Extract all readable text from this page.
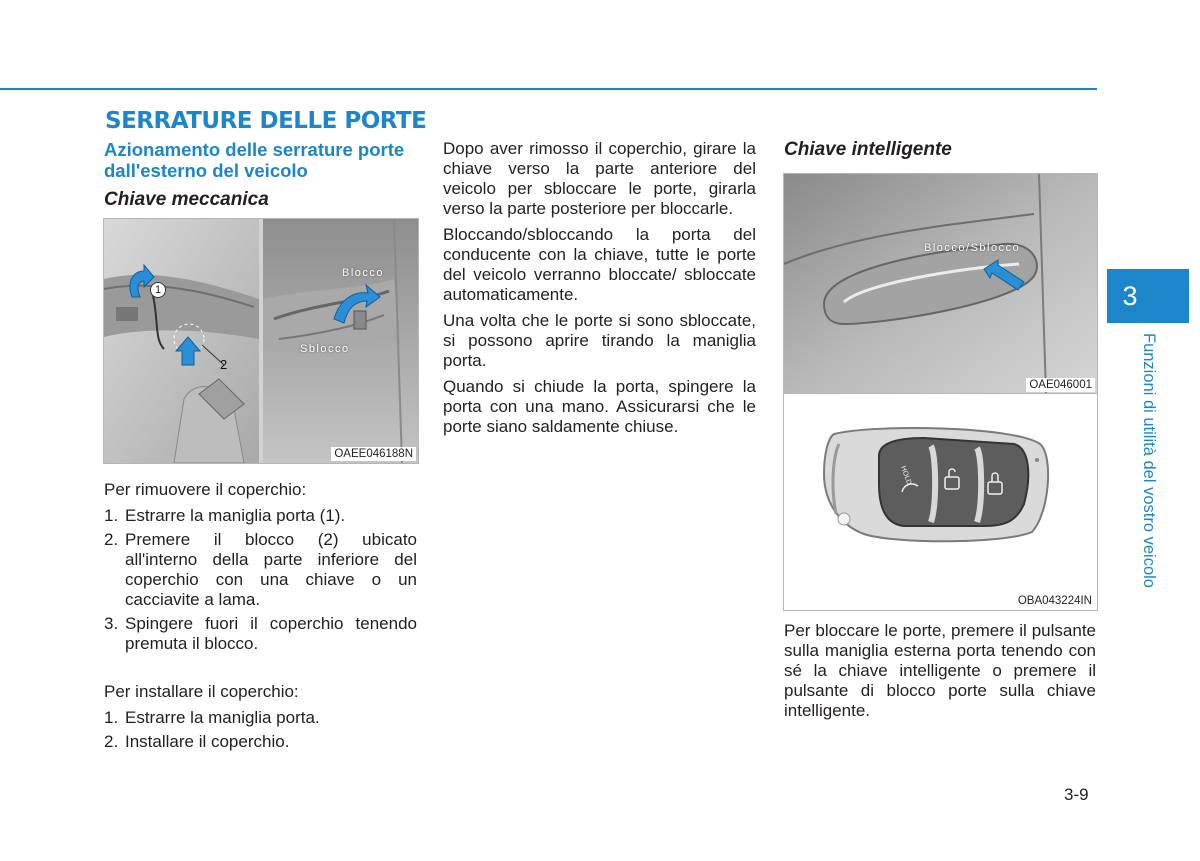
SERRATURE DELLE PORTE
Azionamento delle serrature porte dall'esterno del veicolo
Chiave meccanica
Blocco
Sblocco
1
2
OAEE046188N

Per rimuovere il coperchio:

1. Estrarre la maniglia porta (1).
2. Premere il blocco (2) ubicato all'interno della parte inferiore del coperchio con una chiave o un cacciavite a lama.
3. Spingere fuori il coperchio tenendo premuta il blocco.

Per installare il coperchio:

1. Estrarre la maniglia porta.
2. Installare il coperchio.

Dopo aver rimosso il coperchio, girare la chiave verso la parte anteriore del veicolo per sbloccare le porte, girarla verso la parte posteriore per bloccarle.

Bloccando/sbloccando la porta del conducente con la chiave, tutte le porte del veicolo verranno bloccate/ sbloccate automaticamente.

Una volta che le porte si sono sbloccate, si possono aprire tirando la maniglia porta.

Quando si chiude la porta, spingere la porta con una mano. Assicurarsi che le porte siano saldamente chiuse.

Chiave intelligente
Blocco/Sblocco
OAE046001
HOLD
OBA043224IN

Per bloccare le porte, premere il pulsante sulla maniglia esterna porta tenendo con sé la chiave intelligente o premere il pulsante di blocco porte sulla chiave intelligente.

3
Funzioni di utilità del vostro veicolo
3-9
